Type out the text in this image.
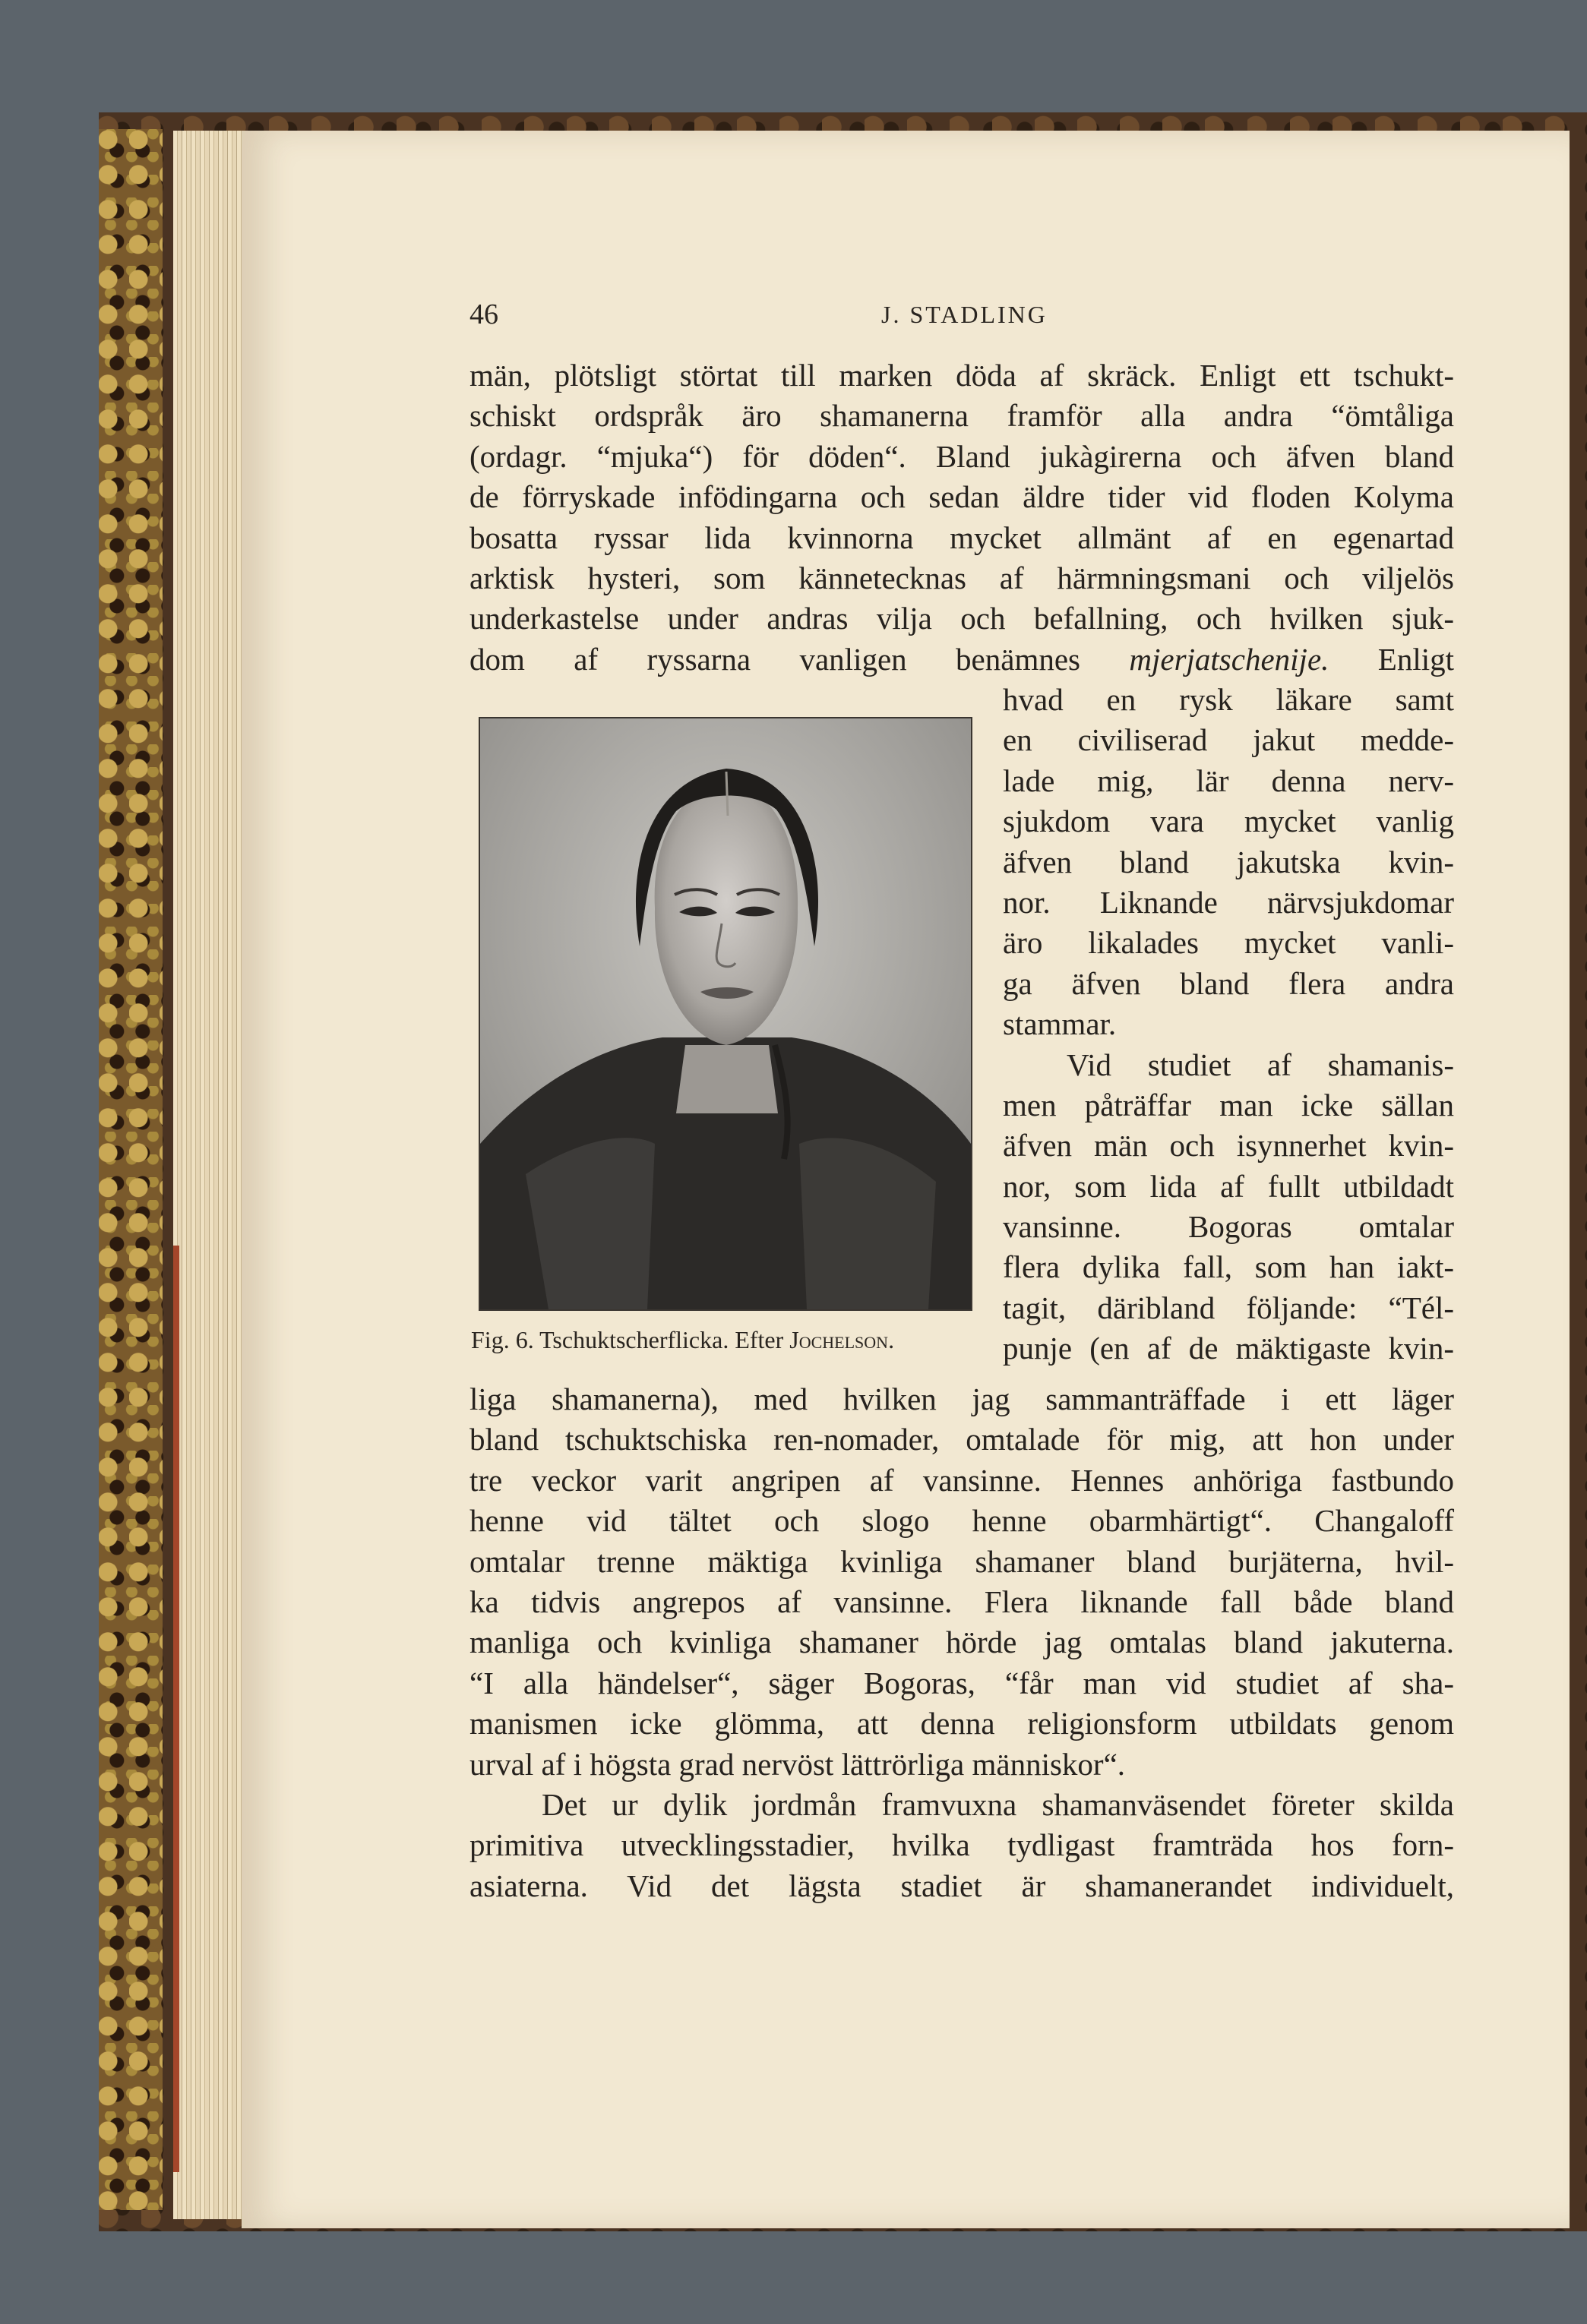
46	J. STADLING
män, plötsligt störtat till marken döda af skräck. Enligt ett tschukt-
schiskt ordspråk äro shamanerna framför alla andra “ömtåliga
(ordagr. “mjuka“) för döden“. Bland jukàgirerna och äfven bland
de förryskade infödingarna och sedan äldre tider vid floden Kolyma
bosatta ryssar lida kvinnorna mycket allmänt af en egenartad
arktisk hysteri, som kännetecknas af härmningsmani och viljelös
underkastelse under andras vilja och befallning, och hvilken sjuk-
dom af ryssarna vanligen benämnes mjerjatschenije. Enligt
hvad en rysk läkare samt
en civiliserad jakut medde-
lade mig, lär denna nerv-
sjukdom vara mycket vanlig
äfven bland jakutska kvin-
nor. Liknande närvsjukdomar
äro likalades mycket vanli-
ga äfven bland flera andra
stammar.
Vid studiet af shamanis-
men påträffar man icke sällan
äfven män och isynnerhet kvin-
nor, som lida af fullt utbildadt
vansinne. Bogoras omtalar
flera dylika fall, som han iakt-
tagit, däribland följande: “Tél-
punje (en af de mäktigaste kvin-
Fig. 6. Tschuktscherflicka. Efter Jochelson.
liga shamanerna), med hvilken jag sammanträffade i ett läger
bland tschuktschiska ren-nomader, omtalade för mig, att hon under
tre veckor varit angripen af vansinne. Hennes anhöriga fastbundo
henne vid tältet och slogo henne obarmhärtigt“. Changaloff
omtalar trenne mäktiga kvinliga shamaner bland burjäterna, hvil-
ka tidvis angrepos af vansinne. Flera liknande fall både bland
manliga och kvinliga shamaner hörde jag omtalas bland jakuterna.
“I alla händelser“, säger Bogoras, “får man vid studiet af sha-
manismen icke glömma, att denna religionsform utbildats genom
urval af i högsta grad nervöst lättrörliga människor“.
Det ur dylik jordmån framvuxna shamanväsendet företer skilda
primitiva utvecklingsstadier, hvilka tydligast framträda hos forn-
asiaterna. Vid det lägsta stadiet är shamanerandet individuelt,
